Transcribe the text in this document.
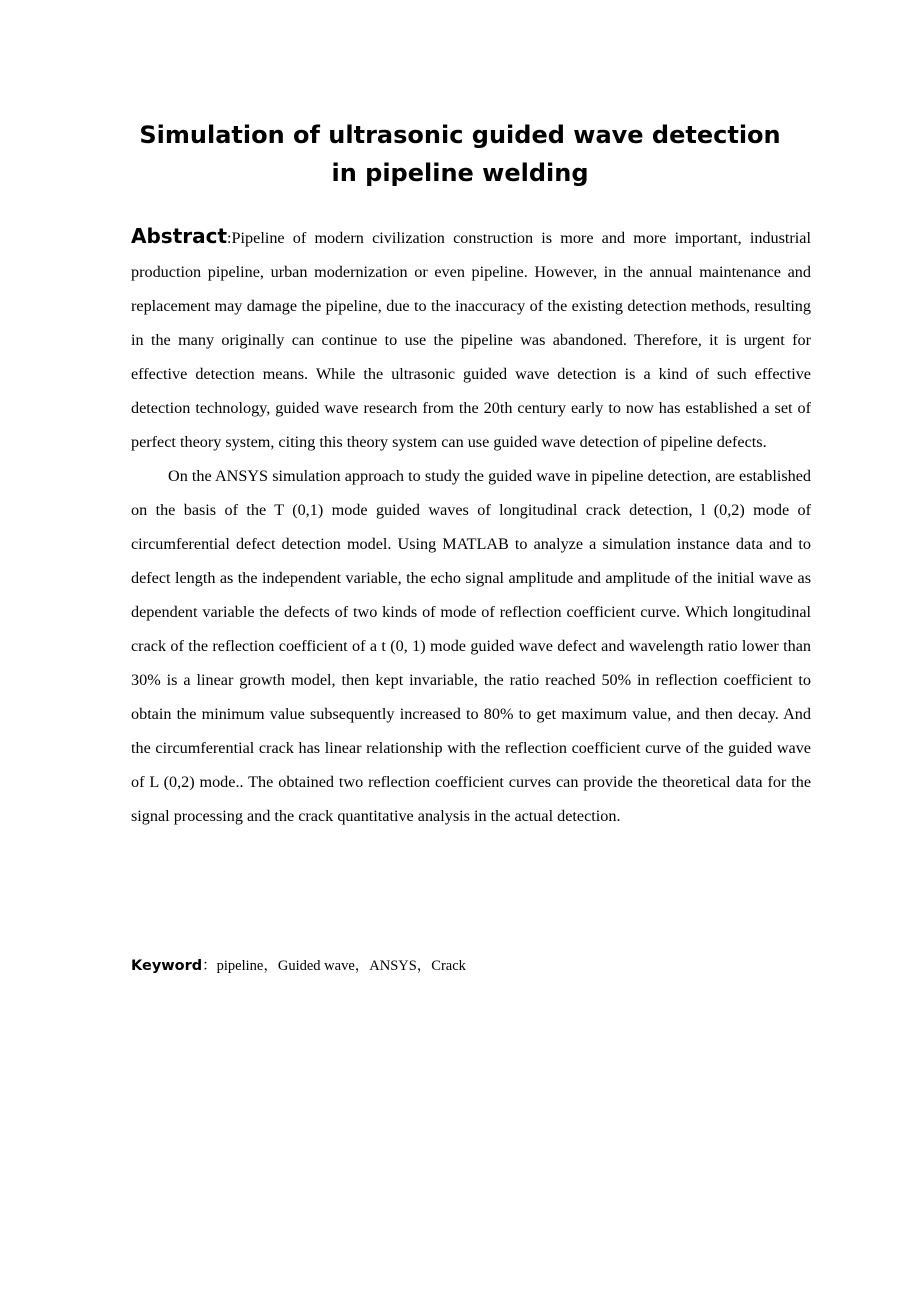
Simulation of ultrasonic guided wave detection
in pipeline welding

Abstract:Pipeline of modern civilization construction is more and more important, industrial production pipeline, urban modernization or even pipeline. However, in the annual maintenance and replacement may damage the pipeline, due to the inaccuracy of the existing detection methods, resulting in the many originally can continue to use the pipeline was abandoned. Therefore, it is urgent for effective detection means. While the ultrasonic guided wave detection is a kind of such effective detection technology, guided wave research from the 20th century early to now has established a set of perfect theory system, citing this theory system can use guided wave detection of pipeline defects.

On the ANSYS simulation approach to study the guided wave in pipeline detection, are established on the basis of the T (0,1) mode guided waves of longitudinal crack detection, l (0,2) mode of circumferential defect detection model. Using MATLAB to analyze a simulation instance data and to defect length as the independent variable, the echo signal amplitude and amplitude of the initial wave as dependent variable the defects of two kinds of mode of reflection coefficient curve. Which longitudinal crack of the reflection coefficient of a t (0, 1) mode guided wave defect and wavelength ratio lower than 30% is a linear growth model, then kept invariable, the ratio reached 50% in reflection coefficient to obtain the minimum value subsequently increased to 80% to get maximum value, and then decay. And the circumferential crack has linear relationship with the reflection coefficient curve of the guided wave of L (0,2) mode.. The obtained two reflection coefficient curves can provide the theoretical data for the signal processing and the crack quantitative analysis in the actual detection.

Keyword：pipeline，Guided wave，ANSYS，Crack
